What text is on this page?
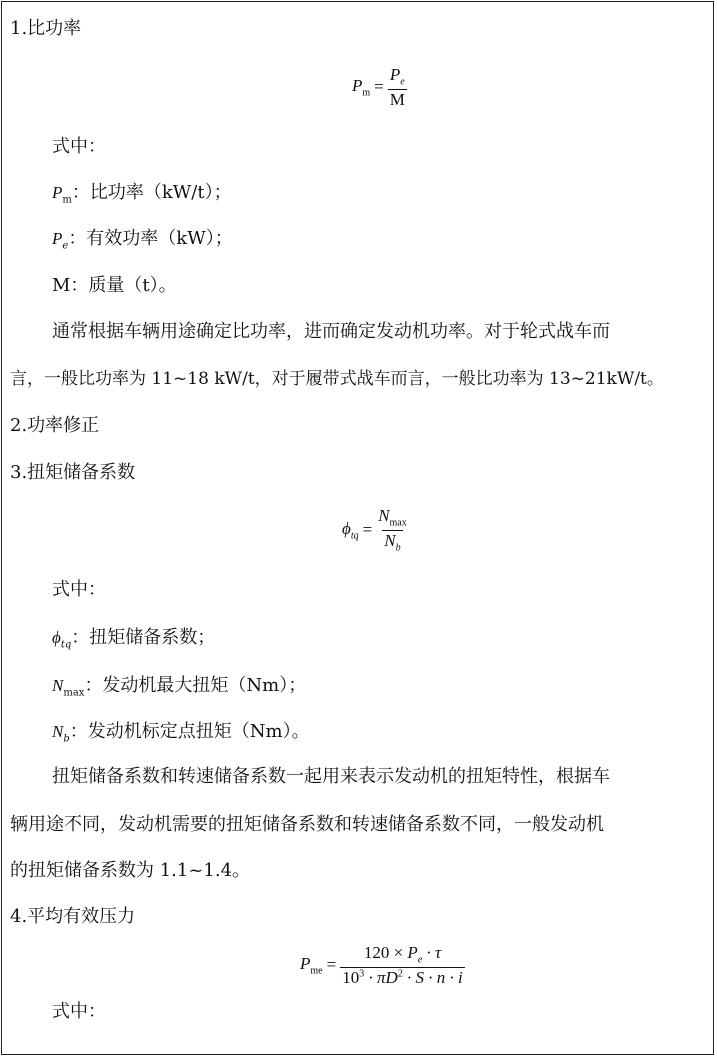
1.比功率
$P_m = \frac{P_e}{M}$
式中：
$P_m$：比功率（kW/t）；
$P_e$：有效功率（kW）；
M：质量（t）。
通常根据车辆用途确定比功率，进而确定发动机功率。对于轮式战车而
言，一般比功率为 11~18 kW/t，对于履带式战车而言，一般比功率为 13~21kW/t。
2.功率修正
3.扭矩储备系数
$\phi_{tq} = \frac{N_{max}}{N_b}$
式中：
$\phi_{tq}$：扭矩储备系数；
$N_{max}$：发动机最大扭矩（Nm）；
$N_b$：发动机标定点扭矩（Nm）。
扭矩储备系数和转速储备系数一起用来表示发动机的扭矩特性，根据车
辆用途不同，发动机需要的扭矩储备系数和转速储备系数不同，一般发动机
的扭矩储备系数为 1.1~1.4。
4.平均有效压力
$P_{me} = \frac{120 \times P_e \cdot \tau}{10^3 \cdot \pi D^2 \cdot S \cdot n \cdot i}$
式中：
